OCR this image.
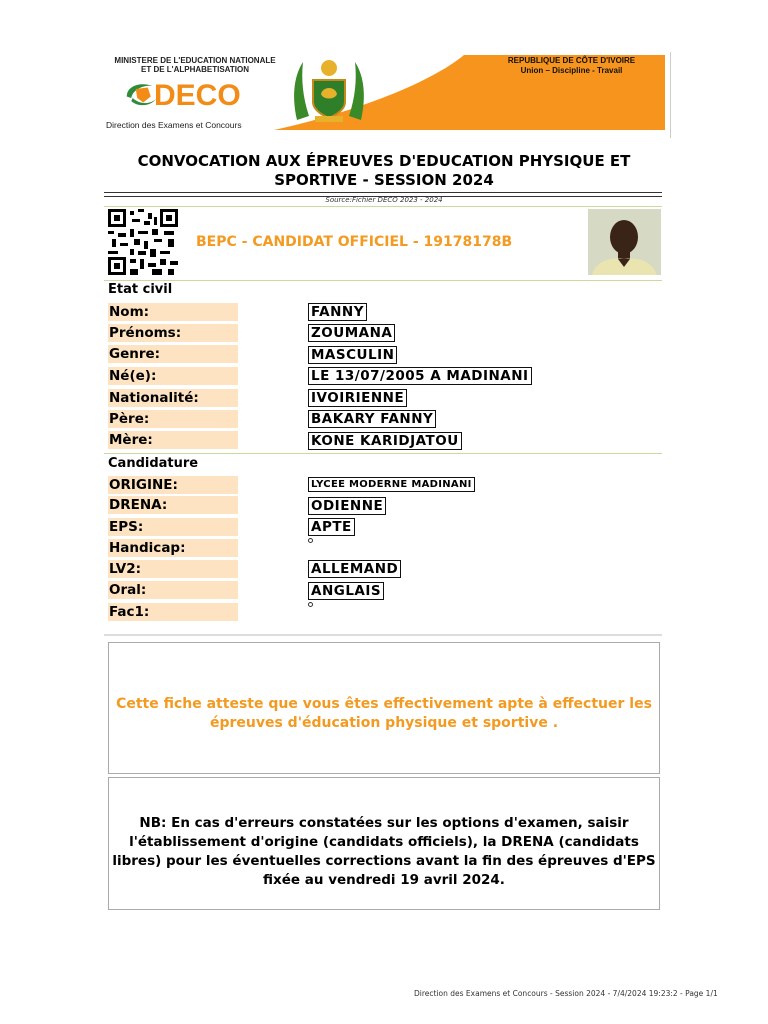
MINISTERE DE L'EDUCATION NATIONALE ET DE L'ALPHABETISATION
DECO
Direction des Examens et Concours
REPUBLIQUE DE CÔTE D'IVOIRE
Union – Discipline - Travail
CONVOCATION AUX ÉPREUVES D'EDUCATION PHYSIQUE ET SPORTIVE - SESSION 2024
Source:Fichier DECO 2023 - 2024
BEPC - CANDIDAT OFFICIEL - 19178178B
Etat civil
Nom:	FANNY
Prénoms:	ZOUMANA
Genre:	MASCULIN
Né(e):	LE 13/07/2005 A MADINANI
Nationalité:	IVOIRIENNE
Père:	BAKARY FANNY
Mère:	KONE KARIDJATOU
Candidature
ORIGINE:	LYCEE MODERNE MADINANI
DRENA:	ODIENNE
EPS:	APTE
Handicap:
LV2:	ALLEMAND
Oral:	ANGLAIS
Fac1:
Cette fiche atteste que vous êtes effectivement apte à effectuer les épreuves d'éducation physique et sportive .
NB: En cas d'erreurs constatées sur les options d'examen, saisir l'établissement d'origine (candidats officiels), la DRENA (candidats libres) pour les éventuelles corrections avant la fin des épreuves d'EPS fixée au vendredi 19 avril 2024.
Direction des Examens et Concours - Session 2024 - 7/4/2024 19:23:2 - Page 1/1
